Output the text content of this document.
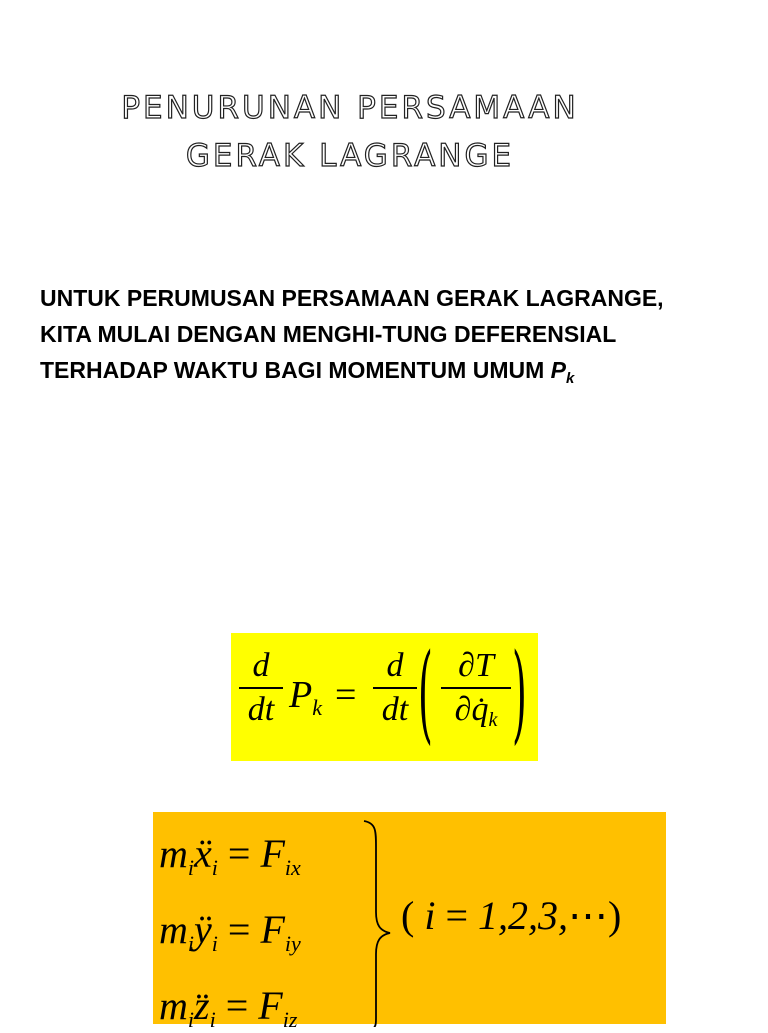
PENURUNAN PERSAMAAN
GERAK LAGRANGE
UNTUK PERUMUSAN PERSAMAAN GERAK LAGRANGE,
KITA MULAI DENGAN MENGHI-TUNG DEFERENSIAL
TERHADAP WAKTU BAGI MOMENTUM UMUM $P_k$
d
dt $P_k$ =
d
dt ( ∂T
∂q̇k )
$m_iẍ_i = F_{ix}$
$m_iÿ_i = F_{iy}$
$m_iz̈_i = F_{iz}$
( i = 1,2,3,⋯)
